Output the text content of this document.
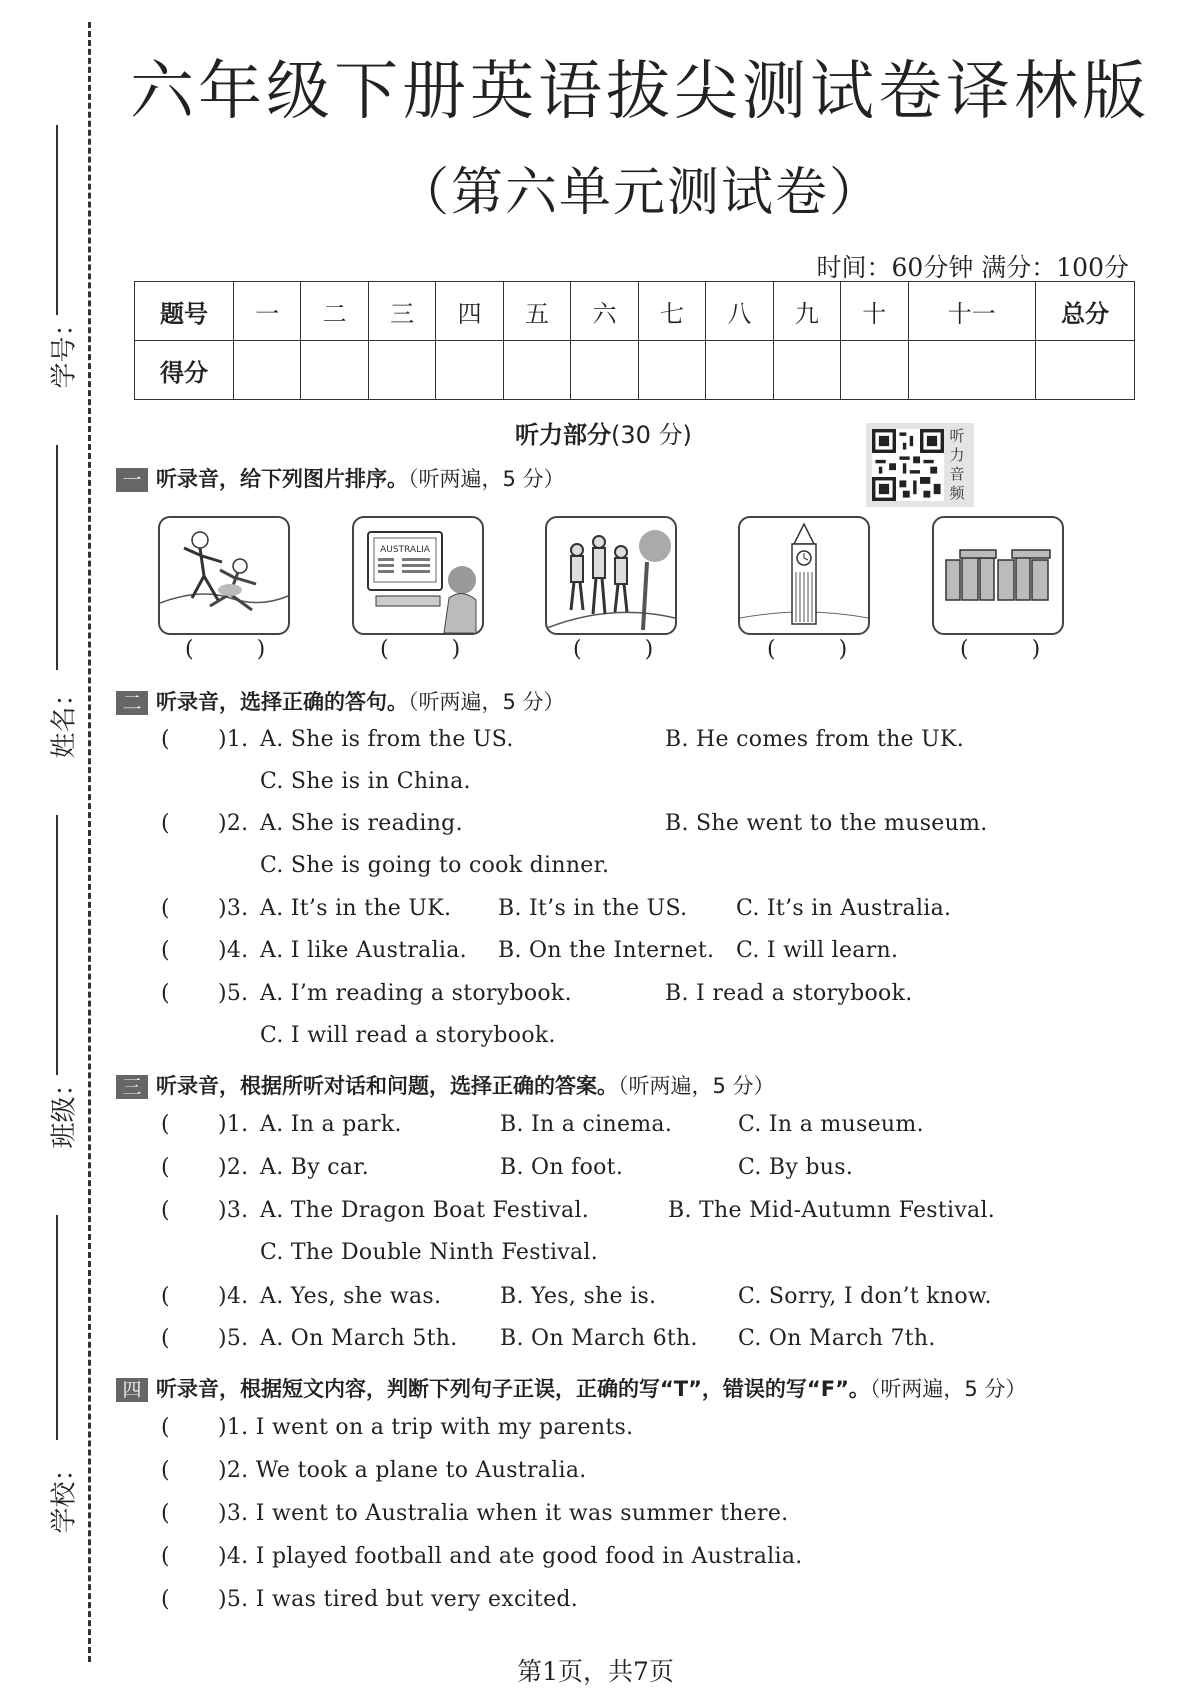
学号：
姓名：
班级：
学校：
六年级下册英语拔尖测试卷译林版
（第六单元测试卷）
时间：60分钟 满分：100分
题号	一	二	三	四	五	六	七	八	九	十	十一	总分
得分												
听力部分(30 分)	听力音频
一 听录音，给下列图片排序。（听两遍，5 分）
AUSTRALIA
( )	( )	( )	( )	( )
二 听录音，选择正确的答句。（听两遍，5 分）
( )1. A. She is from the US.	B. He comes from the UK.
C. She is in China.
( )2. A. She is reading.	B. She went to the museum.
C. She is going to cook dinner.
( )3. A. It’s in the UK. B. It’s in the US. C. It’s in Australia.
( )4. A. I like Australia. B. On the Internet. C. I will learn.
( )5. A. I’m reading a storybook.	B. I read a storybook.
C. I will read a storybook.
三 听录音，根据所听对话和问题，选择正确的答案。（听两遍，5 分）
( )1. A. In a park.	B. In a cinema.	C. In a museum.
( )2. A. By car.	B. On foot.	C. By bus.
( )3. A. The Dragon Boat Festival.	B. The Mid-Autumn Festival.
C. The Double Ninth Festival.
( )4. A. Yes, she was.	B. Yes, she is.	C. Sorry, I don’t know.
( )5. A. On March 5th. B. On March 6th. C. On March 7th.
四 听录音，根据短文内容，判断下列句子正误，正确的写“T”，错误的写“F”。（听两遍，5 分）
( )1. I went on a trip with my parents.
( )2. We took a plane to Australia.
( )3. I went to Australia when it was summer there.
( )4. I played football and ate good food in Australia.
( )5. I was tired but very excited.
第1页，共7页
